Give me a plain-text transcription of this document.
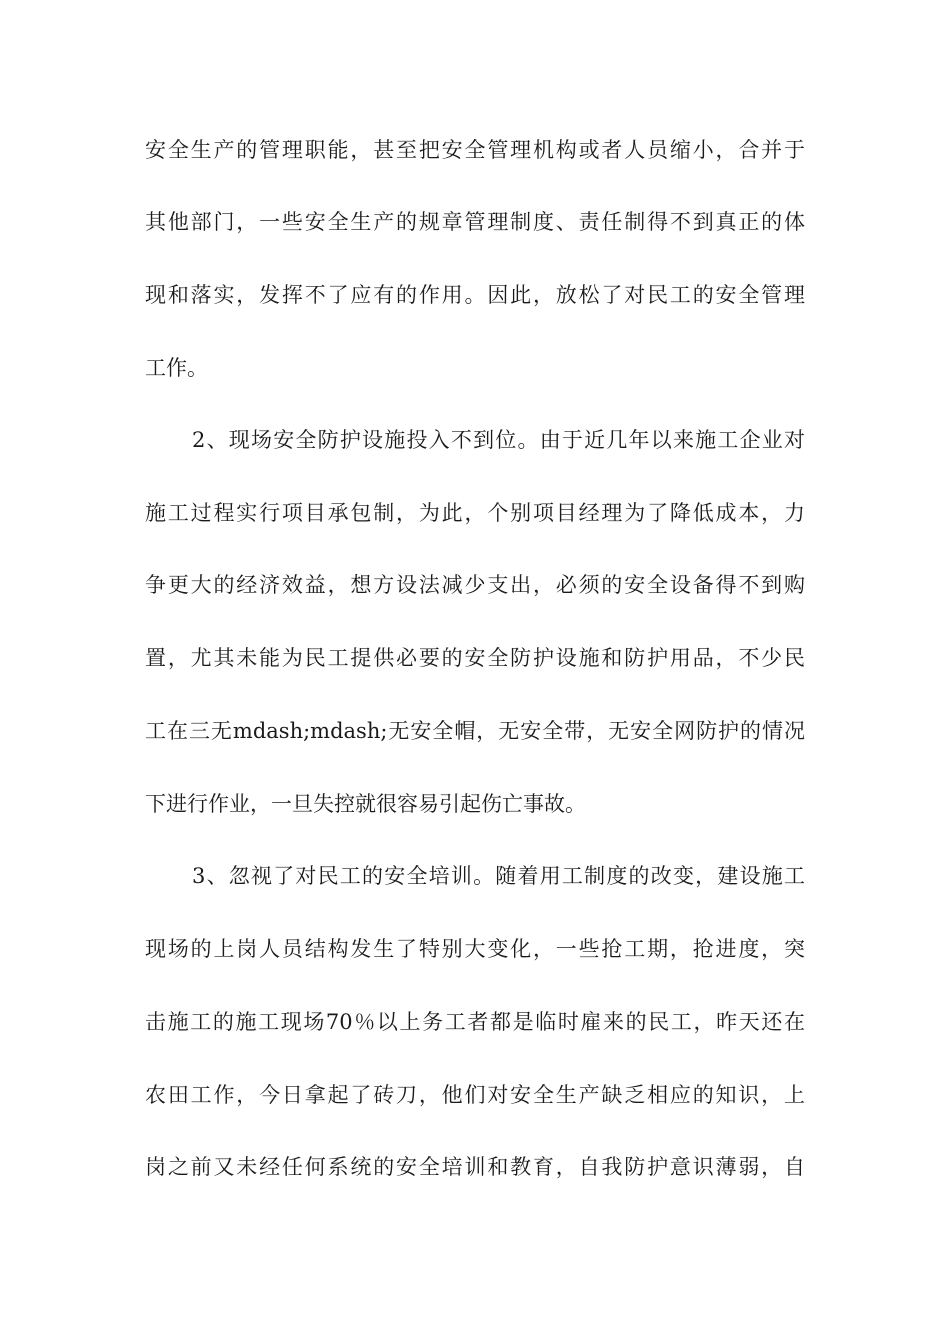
安全生产的管理职能，甚至把安全管理机构或者人员缩小，合并于
其他部门，一些安全生产的规章管理制度、责任制得不到真正的体
现和落实，发挥不了应有的作用。因此，放松了对民工的安全管理
工作。
2、现场安全防护设施投入不到位。由于近几年以来施工企业对
施工过程实行项目承包制，为此，个别项目经理为了降低成本，力
争更大的经济效益，想方设法减少支出，必须的安全设备得不到购
置，尤其未能为民工提供必要的安全防护设施和防护用品，不少民
工在三无mdash;mdash;无安全帽，无安全带，无安全网防护的情况
下进行作业，一旦失控就很容易引起伤亡事故。
3、忽视了对民工的安全培训。随着用工制度的改变，建设施工
现场的上岗人员结构发生了特别大变化，一些抢工期，抢进度，突
击施工的施工现场70％以上务工者都是临时雇来的民工，昨天还在
农田工作，今日拿起了砖刀，他们对安全生产缺乏相应的知识，上
岗之前又未经任何系统的安全培训和教育，自我防护意识薄弱，自
